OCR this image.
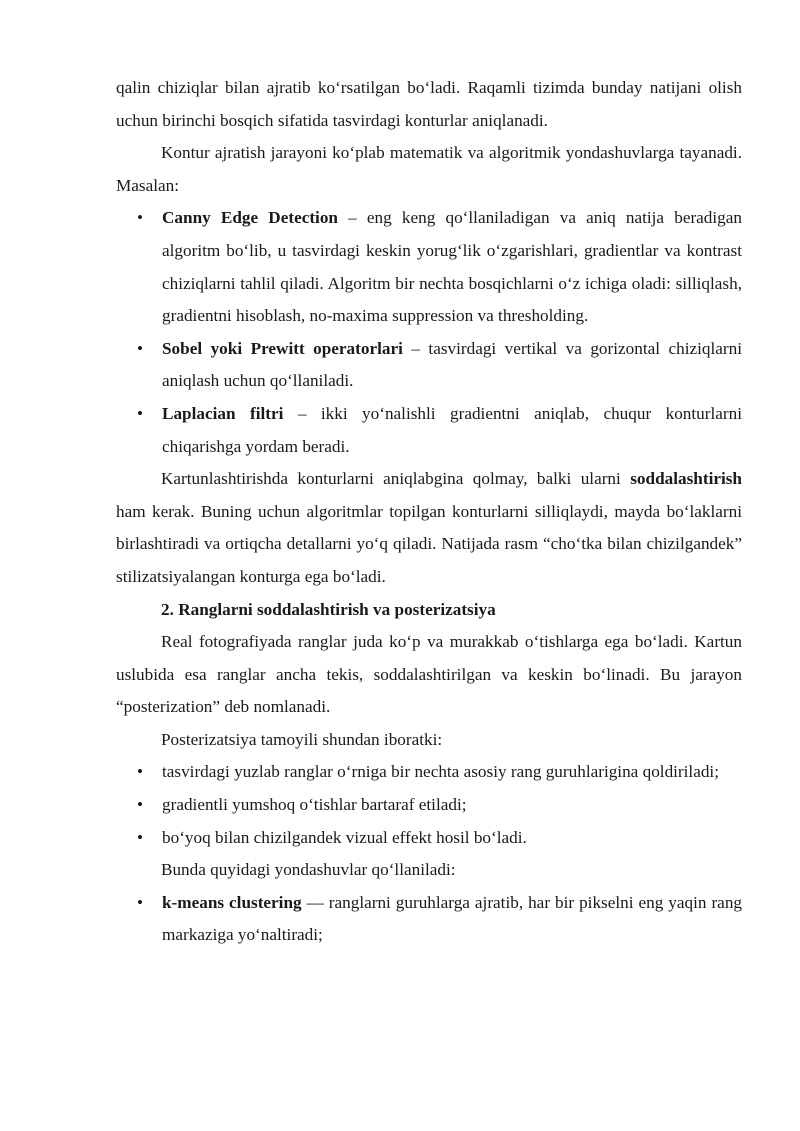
qalin chiziqlar bilan ajratib ko‘rsatilgan bo‘ladi. Raqamli tizimda bunday natijani olish uchun birinchi bosqich sifatida tasvirdagi konturlar aniqlanadi.

Kontur ajratish jarayoni ko‘plab matematik va algoritmik yondashuvlarga tayanadi. Masalan:

• Canny Edge Detection – eng keng qo‘llaniladigan va aniq natija beradigan algoritm bo‘lib, u tasvirdagi keskin yorug‘lik o‘zgarishlari, gradientlar va kontrast chiziqlarni tahlil qiladi. Algoritm bir nechta bosqichlarni o‘z ichiga oladi: silliqlash, gradientni hisoblash, no-maxima suppression va thresholding.
• Sobel yoki Prewitt operatorlari – tasvirdagi vertikal va gorizontal chiziqlarni aniqlash uchun qo‘llaniladi.
• Laplacian filtri – ikki yo‘nalishli gradientni aniqlab, chuqur konturlarni chiqarishga yordam beradi.

Kartunlashtirishda konturlarni aniqlabgina qolmay, balki ularni soddalashtirish ham kerak. Buning uchun algoritmlar topilgan konturlarni silliqlaydi, mayda bo‘laklarni birlashtiradi va ortiqcha detallarni yo‘q qiladi. Natijada rasm “cho‘tka bilan chizilgandek” stilizatsiyalangan konturga ega bo‘ladi.

2. Ranglarni soddalashtirish va posterizatsiya

Real fotografiyada ranglar juda ko‘p va murakkab o‘tishlarga ega bo‘ladi. Kartun uslubida esa ranglar ancha tekis, soddalashtirilgan va keskin bo‘linadi. Bu jarayon “posterization” deb nomlanadi.

Posterizatsiya tamoyili shundan iboratki:

• tasvirdagi yuzlab ranglar o‘rniga bir nechta asosiy rang guruhlarigina qoldiriladi;
• gradientli yumshoq o‘tishlar bartaraf etiladi;
• bo‘yoq bilan chizilgandek vizual effekt hosil bo‘ladi.

Bunda quyidagi yondashuvlar qo‘llaniladi:

• k-means clustering — ranglarni guruhlarga ajratib, har bir pikselni eng yaqin rang markaziga yo‘naltiradi;
